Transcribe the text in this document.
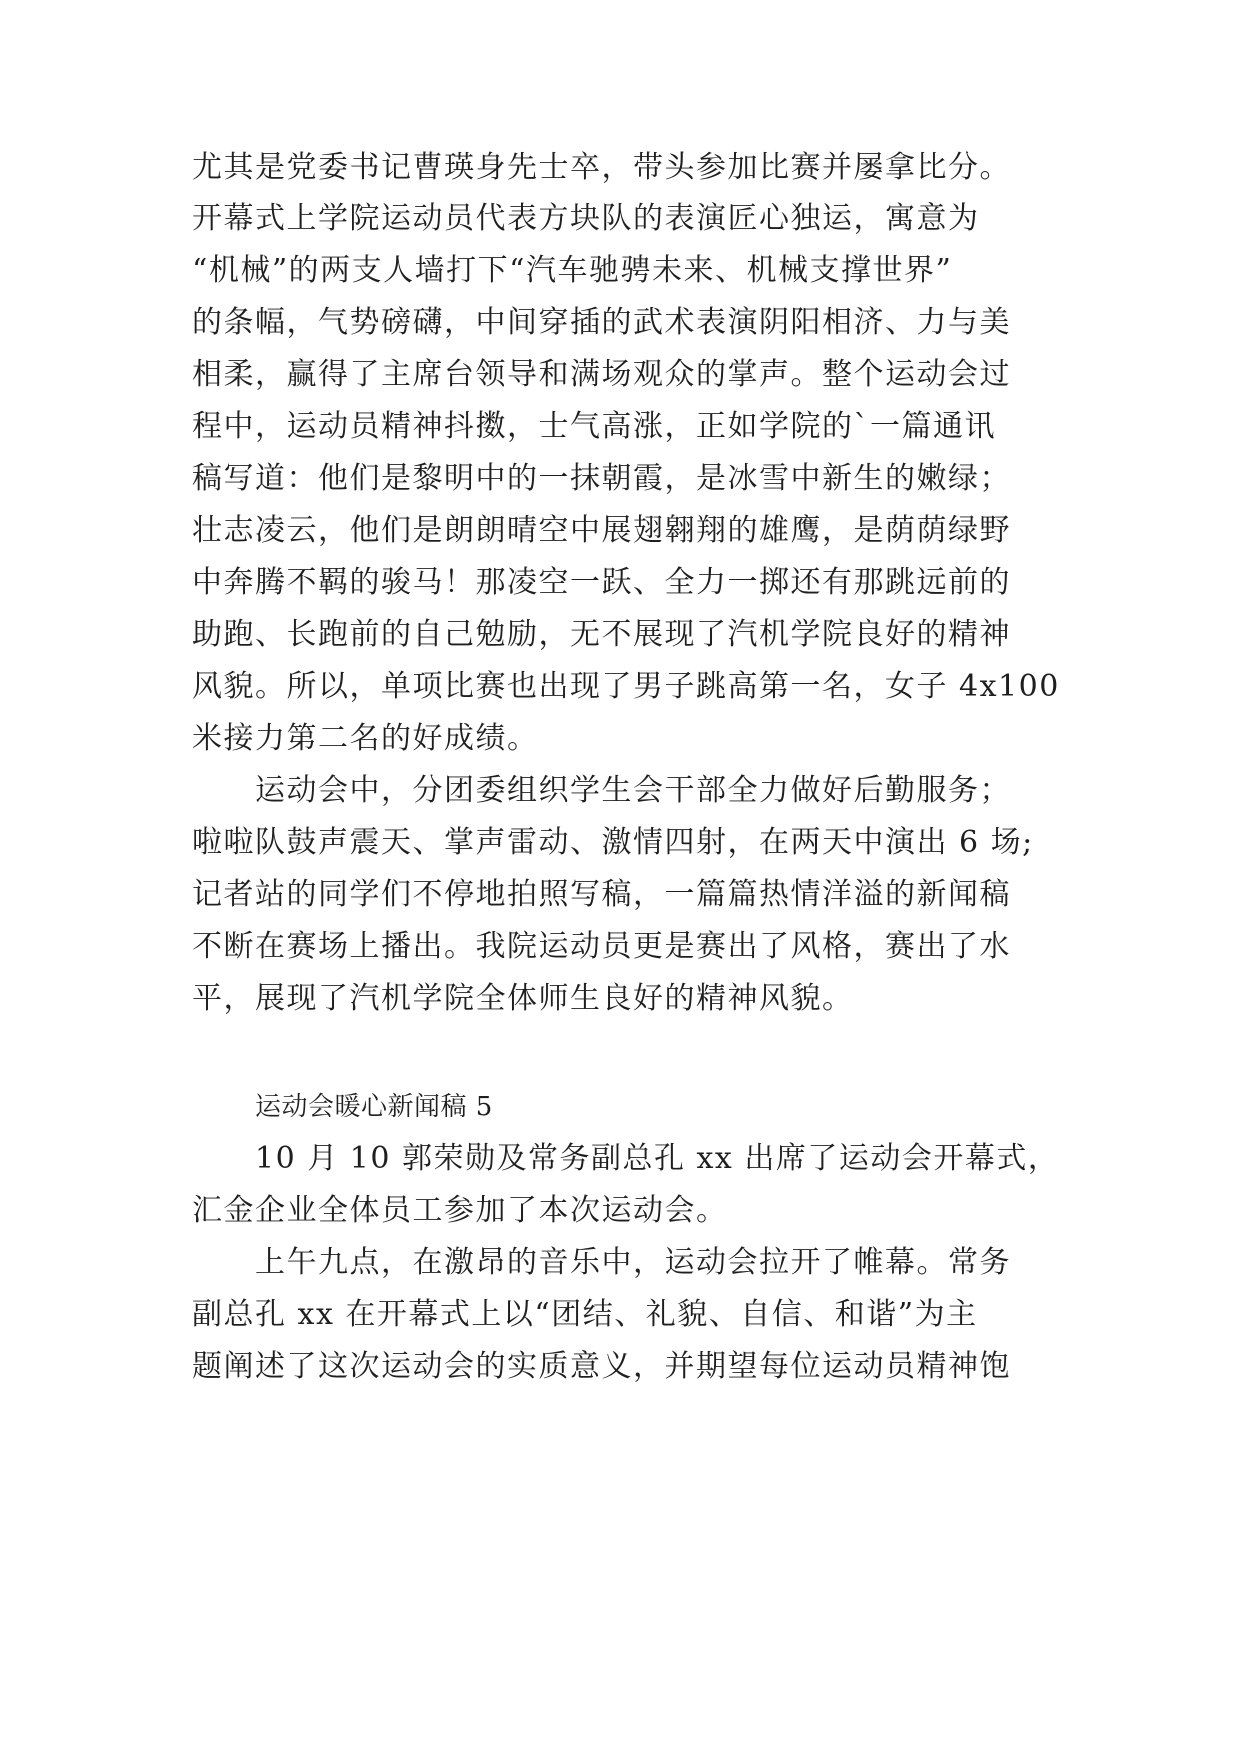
尤其是党委书记曹瑛身先士卒，带头参加比赛并屡拿比分。
开幕式上学院运动员代表方块队的表演匠心独运，寓意为
“机械”的两支人墙打下“汽车驰骋未来、机械支撑世界”
的条幅，气势磅礴，中间穿插的武术表演阴阳相济、力与美
相柔，赢得了主席台领导和满场观众的掌声。整个运动会过
程中，运动员精神抖擞，士气高涨，正如学院的`一篇通讯
稿写道：他们是黎明中的一抹朝霞，是冰雪中新生的嫩绿；
壮志凌云，他们是朗朗晴空中展翅翱翔的雄鹰，是荫荫绿野
中奔腾不羁的骏马！那凌空一跃、全力一掷还有那跳远前的
助跑、长跑前的自己勉励，无不展现了汽机学院良好的精神
风貌。所以，单项比赛也出现了男子跳高第一名，女子 4x100
米接力第二名的好成绩。
运动会中，分团委组织学生会干部全力做好后勤服务；
啦啦队鼓声震天、掌声雷动、激情四射，在两天中演出 6 场;
记者站的同学们不停地拍照写稿，一篇篇热情洋溢的新闻稿
不断在赛场上播出。我院运动员更是赛出了风格，赛出了水
平，展现了汽机学院全体师生良好的精神风貌。
运动会暖心新闻稿 5
10 月 10 郭荣勋及常务副总孔 xx 出席了运动会开幕式，
汇金企业全体员工参加了本次运动会。
上午九点，在激昂的音乐中，运动会拉开了帷幕。常务
副总孔 xx 在开幕式上以“团结、礼貌、自信、和谐”为主
题阐述了这次运动会的实质意义，并期望每位运动员精神饱
